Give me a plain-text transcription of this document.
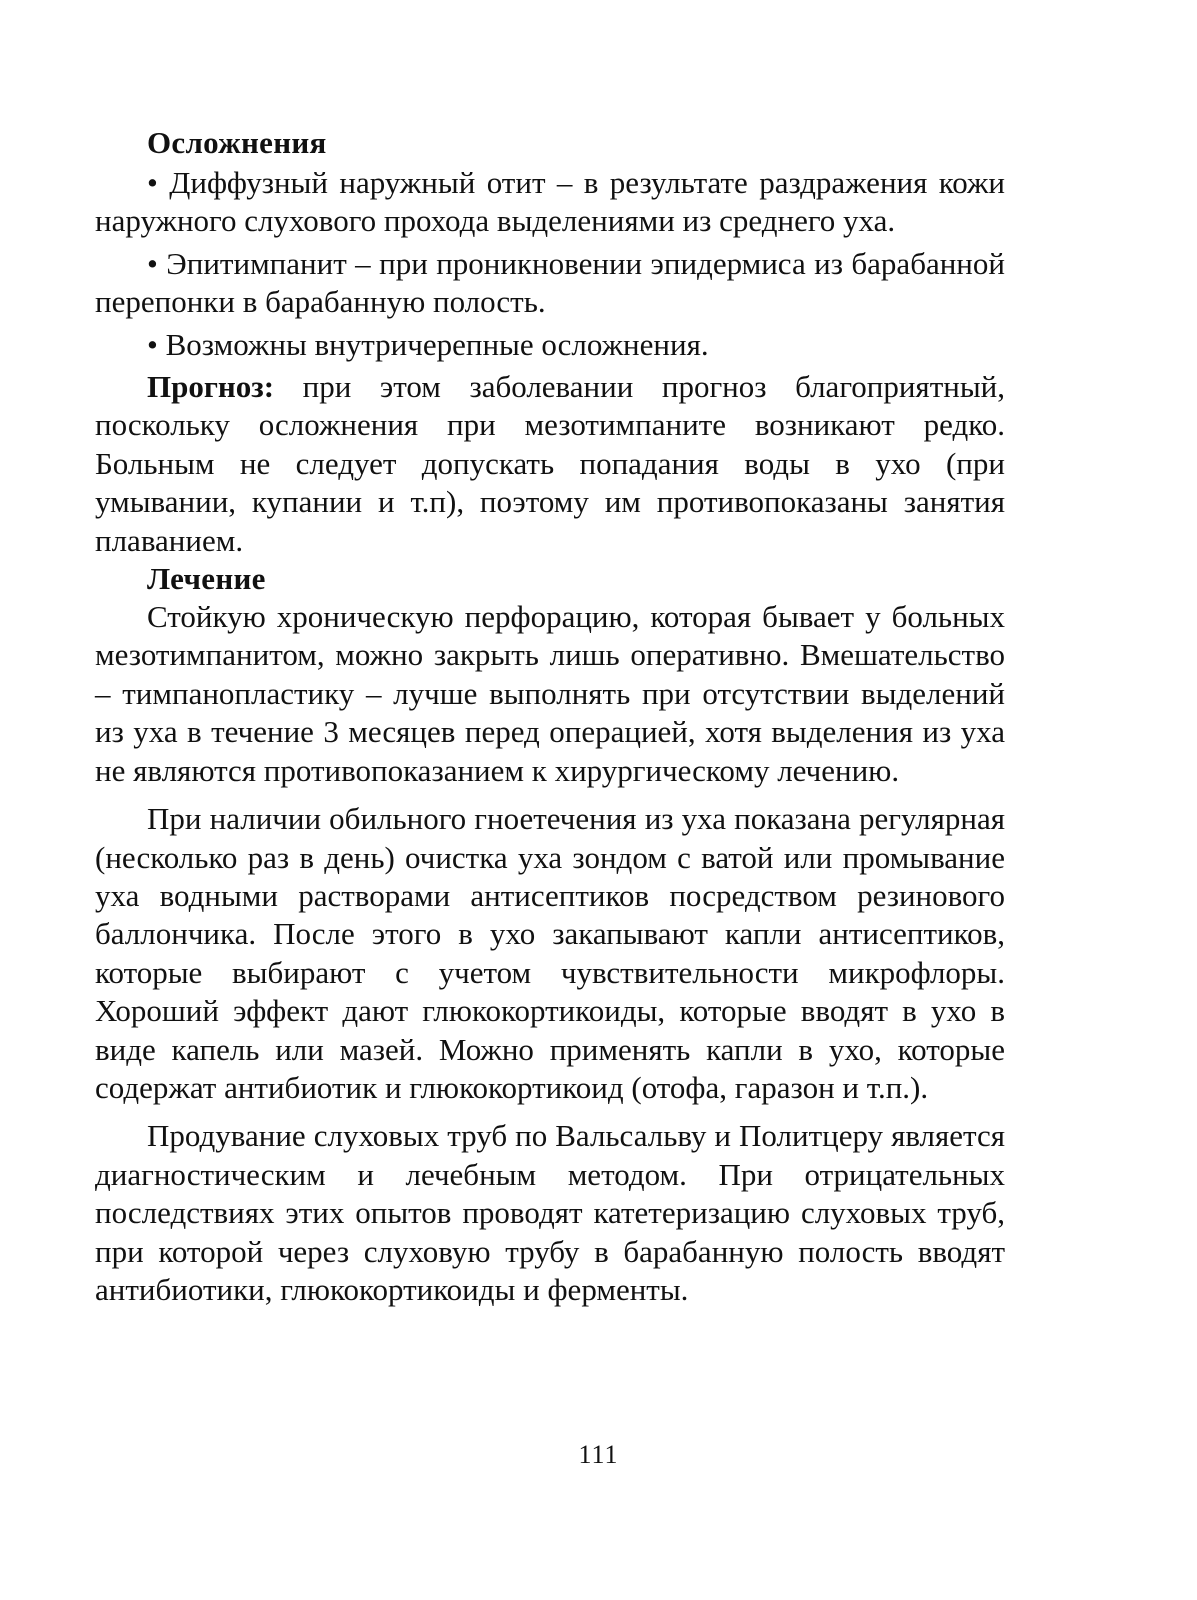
Осложнения

• Диффузный наружный отит – в результате раздражения кожи наружного слухового прохода выделениями из среднего уха.

• Эпитимпанит – при проникновении эпидермиса из барабанной перепонки в барабанную полость.

• Возможны внутричерепные осложнения.

Прогноз: при этом заболевании прогноз благоприятный, поскольку осложнения при мезотимпаните возникают редко. Больным не следует допускать попадания воды в ухо (при умывании, купании и т.п), поэтому им противопоказаны занятия плаванием.

Лечение

Стойкую хроническую перфорацию, которая бывает у больных мезотимпанитом, можно закрыть лишь оперативно. Вмешательство – тимпанопластику – лучше выполнять при отсутствии выделений из уха в течение 3 месяцев перед операцией, хотя выделения из уха не являются противопоказанием к хирургическому лечению.

При наличии обильного гноетечения из уха показана регулярная (несколько раз в день) очистка уха зондом с ватой или промывание уха водными растворами антисептиков посредством резинового баллончика. После этого в ухо закапывают капли антисептиков, которые выбирают с учетом чувствительности микрофлоры. Хороший эффект дают глюкокортикоиды, которые вводят в ухо в виде капель или мазей. Можно применять капли в ухо, которые содержат антибиотик и глюкокортикоид (отофа, гаразон и т.п.).

Продувание слуховых труб по Вальсальву и Политцеру является диагностическим и лечебным методом. При отрицательных последствиях этих опытов проводят катетеризацию слуховых труб, при которой через слуховую трубу в барабанную полость вводят антибиотики, глюкокортикоиды и ферменты.

111
